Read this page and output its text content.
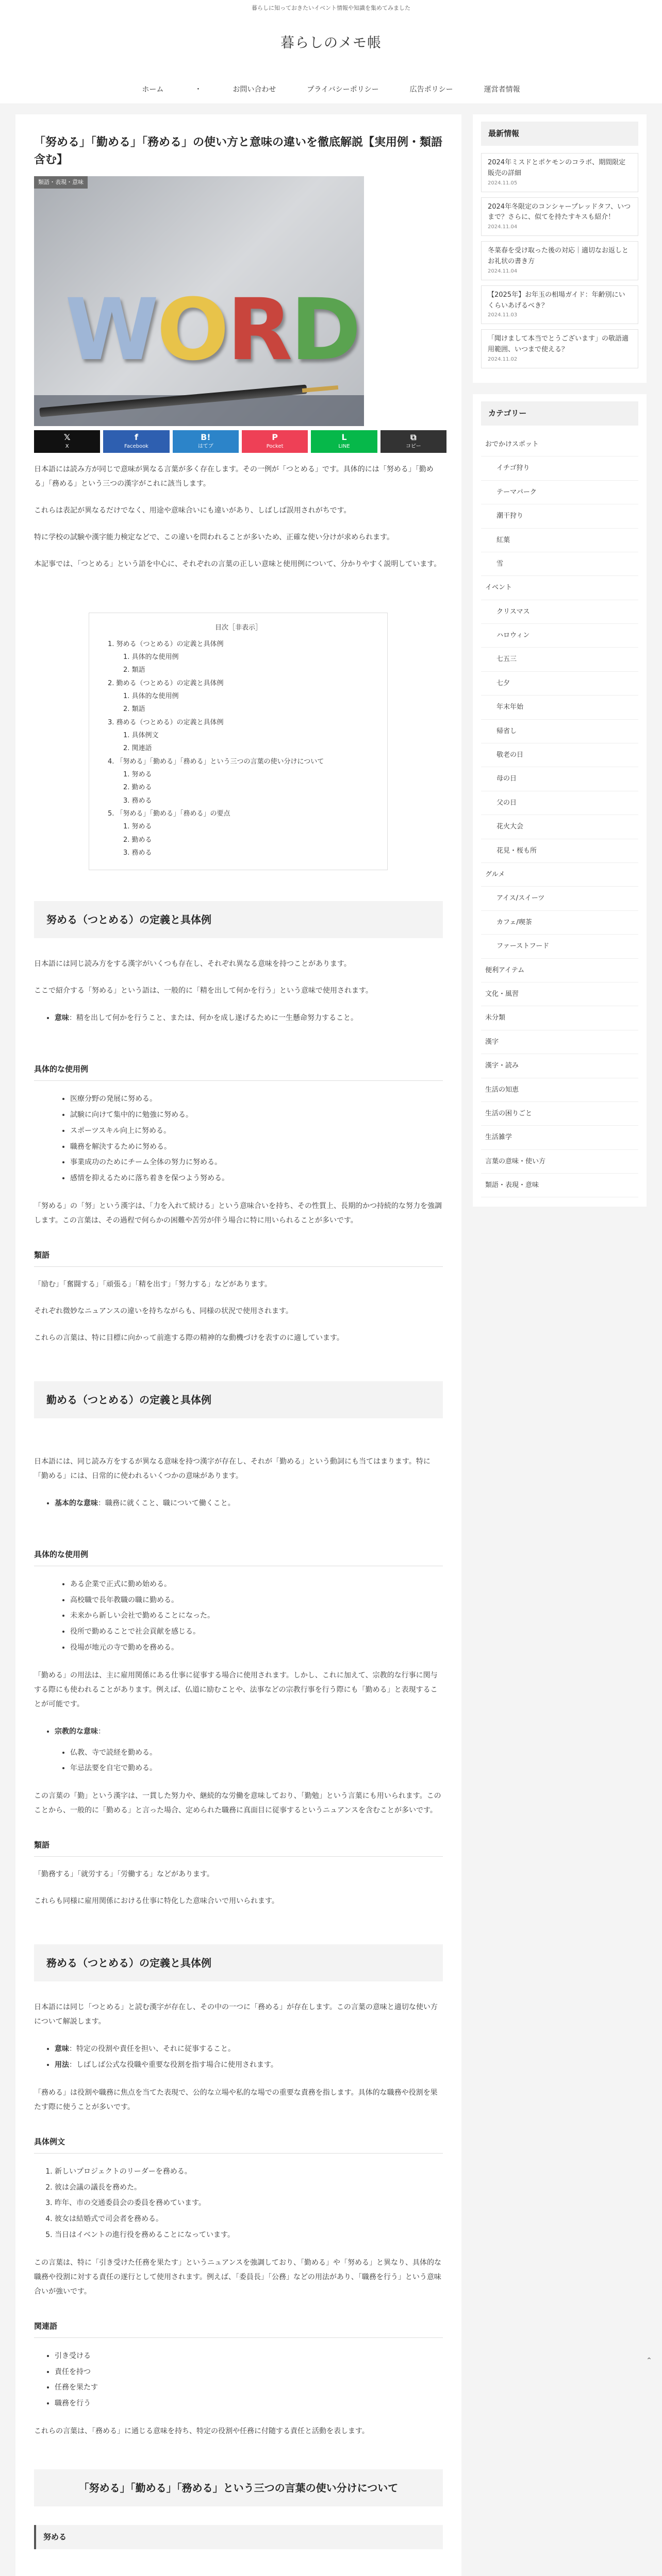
暮らしに知っておきたいイベント情報や知識を集めてみました
暮らしのメモ帳
ホーム	・	お問い合わせ	プライバシーポリシー	広告ポリシー	運営者情報
「努める」「勤める」「務める」の使い方と意味の違いを徹底解説【実用例・類語含む】
類語・表現・意味
WORD
𝕏
X
f
Facebook
B!
はてブ
P
Pocket
L
LINE
⧉
コピー

日本語には読み方が同じで意味が異なる言葉が多く存在します。その一例が「つとめる」です。具体的には「努める」「勤める」「務める」という三つの漢字がこれに該当します。

これらは表記が異なるだけでなく、用途や意味合いにも違いがあり、しばしば誤用されがちです。

特に学校の試験や漢字能力検定などで、この違いを問われることが多いため、正確な使い分けが求められます。

本記事では、「つとめる」という語を中心に、それぞれの言葉の正しい意味と使用例について、分かりやすく説明しています。

目次［非表示］
1. 努める（つとめる）の定義と具体例
1. 具体的な使用例
2. 類語
2. 勤める（つとめる）の定義と具体例
1. 具体的な使用例
2. 類語
3. 務める（つとめる）の定義と具体例
1. 具体例文
2. 関連語
4. 「努める」「勤める」「務める」という三つの言葉の使い分けについて
1. 努める
2. 勤める
3. 務める
5. 「努める」「勤める」「務める」の要点
1. 努める
2. 勤める
3. 務める
努める（つとめる）の定義と具体例

日本語には同じ読み方をする漢字がいくつも存在し、それぞれ異なる意味を持つことがあります。

ここで紹介する「努める」という語は、一般的に「精を出して何かを行う」という意味で使用されます。

• 意味：精を出して何かを行うこと、または、何かを成し遂げるために一生懸命努力すること。
具体的な使用例
• 医療分野の発展に努める。
• 試験に向けて集中的に勉強に努める。
• スポーツスキル向上に努める。
• 職務を解決するために努める。
• 事業成功のためにチーム全体の努力に努める。
• 感情を抑えるために落ち着きを保つよう努める。

「努める」の「努」という漢字は、「力を入れて続ける」という意味合いを持ち、その性質上、長期的かつ持続的な努力を強調します。この言葉は、その過程で何らかの困難や苦労が伴う場合に特に用いられることが多いです。

類語

「励む」「奮闘する」「頑張る」「精を出す」「努力する」などがあります。

それぞれ微妙なニュアンスの違いを持ちながらも、同様の状況で使用されます。

これらの言葉は、特に目標に向かって前進する際の精神的な動機づけを表すのに適しています。

勤める（つとめる）の定義と具体例

日本語には、同じ読み方をするが異なる意味を持つ漢字が存在し、それが「勤める」という動詞にも当てはまります。特に「勤める」には、日常的に使われるいくつかの意味があります。

• 基本的な意味：職務に就くこと、職について働くこと。
具体的な使用例
• ある企業で正式に勤め始める。
• 高校職で長年教職の職に勤める。
• 未来から新しい会社で勤めることになった。
• 役所で勤めることで社会貢献を感じる。
• 役場が地元の寺で勤めを務める。

「勤める」の用法は、主に雇用関係にある仕事に従事する場合に使用されます。しかし、これに加えて、宗教的な行事に関与する際にも使われることがあります。例えば、仏道に励むことや、法事などの宗教行事を行う際にも「勤める」と表現することが可能です。

• 宗教的な意味：
• 仏教、寺で読経を勤める。
• 年忌法要を自宅で勤める。

この言葉の「勤」という漢字は、一貫した努力や、継続的な労働を意味しており、「勤勉」という言葉にも用いられます。このことから、一般的に「勤める」と言った場合、定められた職務に真面目に従事するというニュアンスを含むことが多いです。

類語

「勤務する」「就労する」「労働する」などがあります。

これらも同様に雇用関係における仕事に特化した意味合いで用いられます。

務める（つとめる）の定義と具体例

日本語には同じ「つとめる」と読む漢字が存在し、その中の一つに「務める」が存在します。この言葉の意味と適切な使い方について解説します。

• 意味：特定の役割や責任を担い、それに従事すること。
• 用法：しばしば公式な役職や重要な役割を指す場合に使用されます。

「務める」は役割や職務に焦点を当てた表現で、公的な立場や私的な場での重要な責務を指します。具体的な職務や役割を果たす際に使うことが多いです。

具体例文
1. 新しいプロジェクトのリーダーを務める。
2. 彼は会議の議長を務めた。
3. 昨年、市の交通委員会の委員を務めています。
4. 彼女は結婚式で司会者を務める。
5. 当日はイベントの進行役を務めることになっています。

この言葉は、特に「引き受けた任務を果たす」というニュアンスを強調しており、「勤める」や「努める」と異なり、具体的な職務や役割に対する責任の遂行として使用されます。例えば、「委員長」「公務」などの用法があり、「職務を行う」という意味合いが強いです。

関連語
• 引き受ける
• 責任を持つ
• 任務を果たす
• 職務を行う

これらの言葉は、「務める」に通じる意味を持ち、特定の役割や任務に付随する責任と活動を表します。

「努める」「勤める」「務める」という三つの言葉の使い分けについて
努める
最新情報
2024年ミスドとポケモンのコラボ、期間限定販売の詳細
2024.11.05
2024年冬限定のコンシャープレッドタフ、いつまで？さらに、似てを持たすキスも紹介！
2024.11.04
冬菜春を受け取った後の対応｜適切なお返しとお礼状の書き方
2024.11.04
【2025年】お年玉の相場ガイド：年齢別にいくらいあげるべき？
2024.11.03
「聞けまして本当でとうございます」の敬語適用範囲、いつまで使える？
2024.11.02
カテゴリー
おでかけスポット
イチゴ狩り
テーマパーク
潮干狩り
紅葉
雪
イベント
クリスマス
ハロウィン
七五三
七夕
年末年始
帰省し
敬老の日
母の日
父の日
花火大会
花見・桜も所
グルメ
アイス/スイーツ
カフェ/喫茶
ファーストフード
便利アイテム
文化・風習
未分類
漢字
漢字・読み
生活の知恵
生活の困りごと
生活雑学
言葉の意味・使い方
類語・表現・意味
⌃
